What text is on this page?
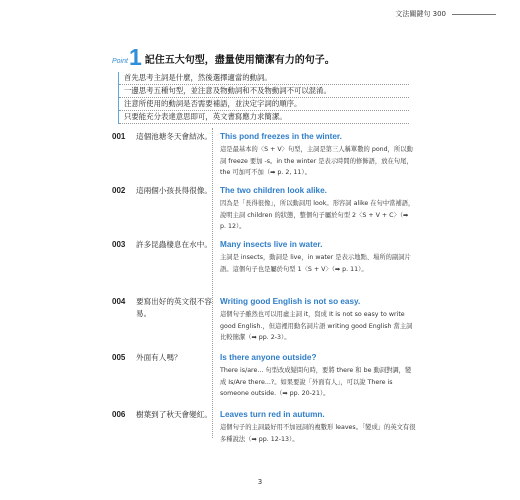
文法關鍵句 300
Point 1 記住五大句型，盡量使用簡潔有力的句子。
首先思考主詞是什麼，然後選擇適當的動詞。
一邊思考五種句型，並注意及物動詞和不及物動詞不可以混淆。
注意所使用的動詞是否需要補語，並決定字詞的順序。
只要能充分表達意思即可，英文書寫應力求簡潔。
001 這個池塘冬天會結冰。 This pond freezes in the winter.
這是最基本的〈S + V〉句型，主詞是第三人稱單數的 pond，所以動詞 freeze 要加 -s。in the winter 是表示時間的修飾語，放在句尾，the 可加可不加（➡ p. 2, 11）。
002 這兩個小孩長得很像。 The two children look alike.
因為是「長得很像」，所以動詞用 look。形容詞 alike 在句中當補語，說明主詞 children 的狀態，整個句子屬於句型 2〈S + V + C〉（➡ p. 12）。
003 許多昆蟲棲息在水中。 Many insects live in water.
主詞是 insects，動詞是 live，in water 是表示地點、場所的副詞片語。這個句子也是屬於句型 1〈S + V〉（➡ p. 11）。
004 要寫出好的英文很不容易。
Writing good English is not so easy.
這個句子雖然也可以用虛主詞 it，寫成 It is not so easy to write good English.，但這裡用動名詞片語 writing good English 當主詞比較簡潔（➡ pp. 2-3）。
005 外面有人嗎？	Is there anyone outside?
There is/are... 句型改成疑問句時，要將 there 和 be 動詞對調，變成 Is/Are there...?。如果要說「外面有人」，可以說 There is someone outside.（➡ pp. 20-21）。
006 樹葉到了秋天會變紅。 Leaves turn red in autumn.
這個句子的主詞最好用不加冠詞的複數形 leaves。「變成」的英文有很多種說法（➡ pp. 12-13）。
3
